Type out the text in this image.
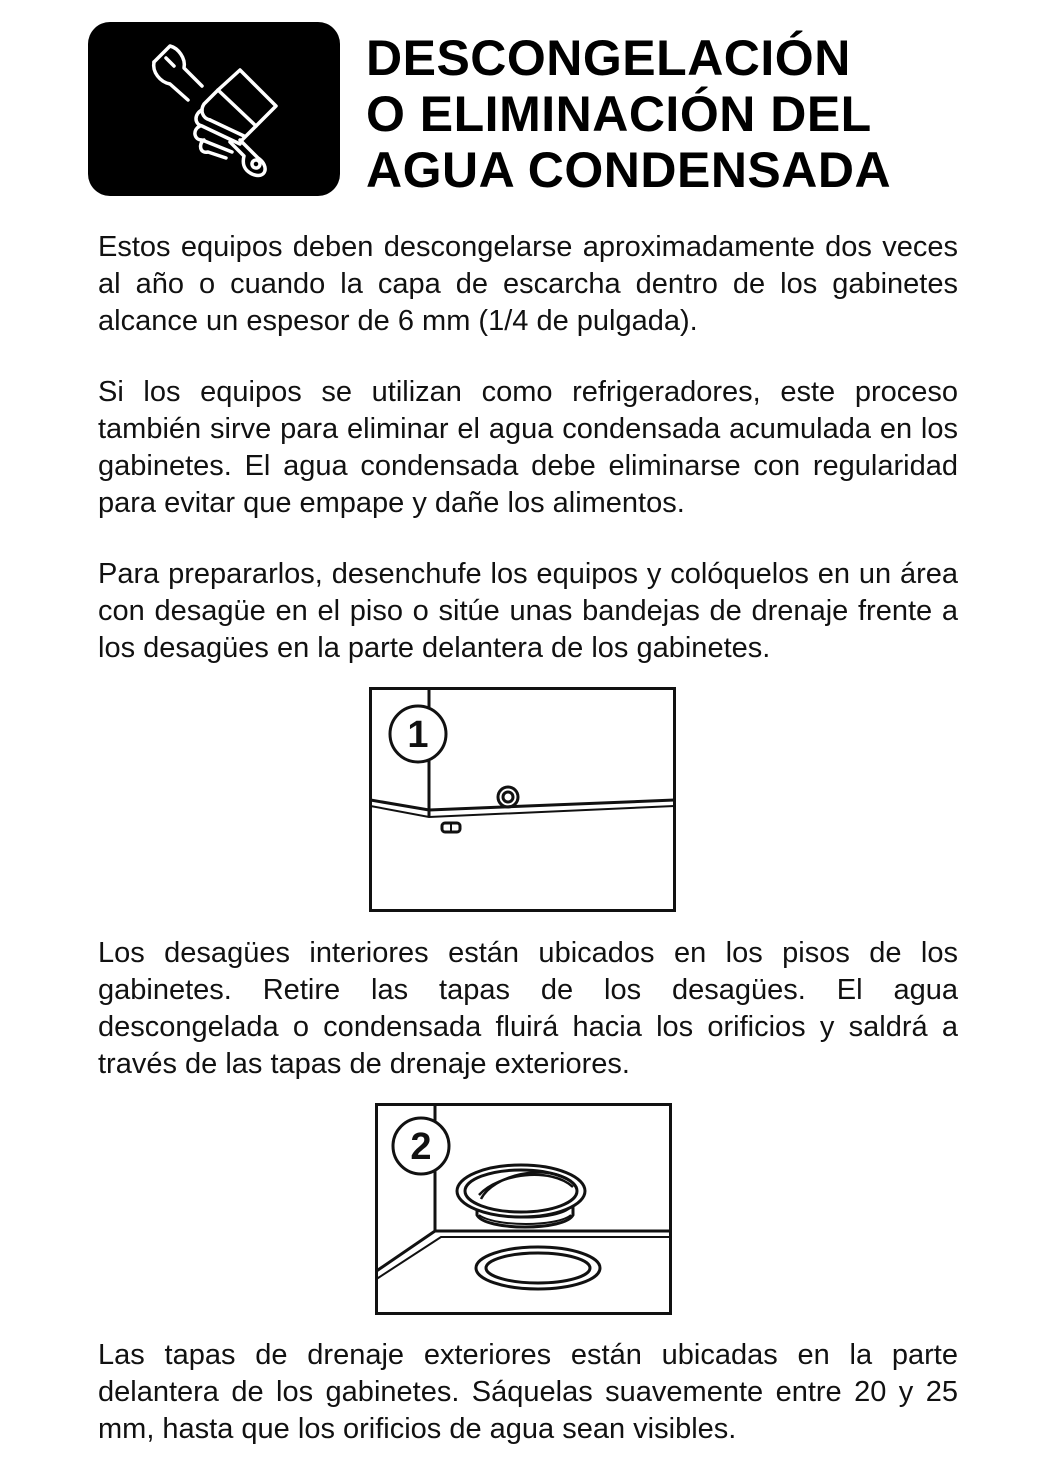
DESCONGELACIÓN
O ELIMINACIÓN DEL
AGUA CONDENSADA

Estos equipos deben descongelarse aproximadamente dos veces al año o cuando la capa de escarcha dentro de los gabinetes alcance un espesor de 6 mm (1/4 de pulgada).

Si los equipos se utilizan como refrigeradores, este proceso también sirve para eliminar el agua condensada acumulada en los gabinetes. El agua condensada debe eliminarse con regularidad para evitar que empape y dañe los alimentos.

Para prepararlos, desenchufe los equipos y colóquelos en un área con desagüe en el piso o sitúe unas bandejas de drenaje frente a los desagües en la parte delantera de los gabinetes.

1

Los desagües interiores están ubicados en los pisos de los gabinetes. Retire las tapas de los desagües. El agua descongelada o condensada fluirá hacia los orificios y saldrá a través de las tapas de drenaje exteriores.

2

Las tapas de drenaje exteriores están ubicadas en la parte delantera de los gabinetes. Sáquelas suavemente entre 20 y 25 mm, hasta que los orificios de agua sean visibles.
